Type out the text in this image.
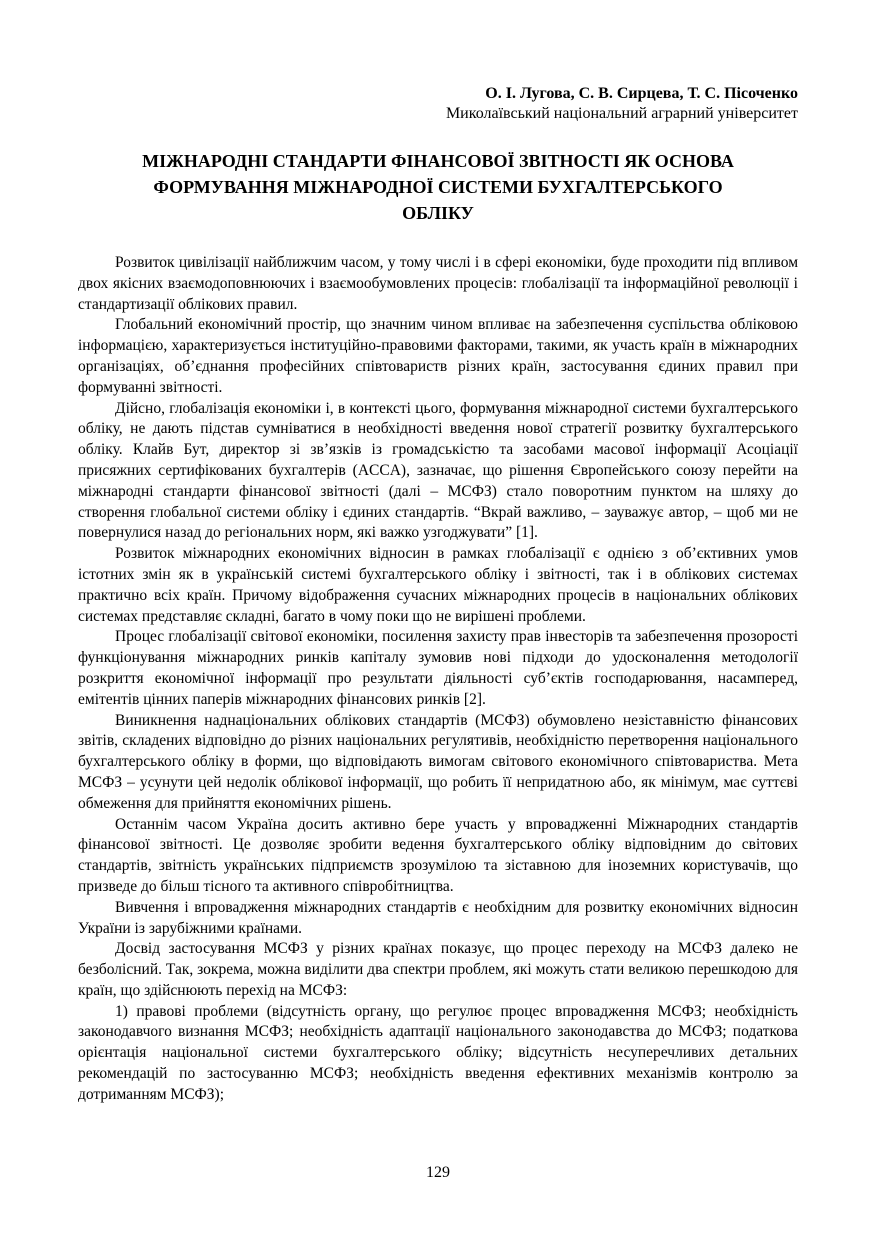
О. І. Лугова, С. В. Сирцева, Т. С. Пісоченко
Миколаївський національний аграрний університет
МІЖНАРОДНІ СТАНДАРТИ ФІНАНСОВОЇ ЗВІТНОСТІ ЯК ОСНОВА ФОРМУВАННЯ МІЖНАРОДНОЇ СИСТЕМИ БУХГАЛТЕРСЬКОГО ОБЛІКУ

Розвиток цивілізації найближчим часом, у тому числі і в сфері економіки, буде проходити під впливом двох якісних взаємодоповнюючих і взаємообумовлених процесів: глобалізації та інформаційної революції і стандартизації облікових правил.

Глобальний економічний простір, що значним чином впливає на забезпечення суспільства обліковою інформацією, характеризується інституційно-правовими факторами, такими, як участь країн в міжнародних організаціях, об’єднання професійних співтовариств різних країн, застосування єдиних правил при формуванні звітності.

Дійсно, глобалізація економіки і, в контексті цього, формування міжнародної системи бухгалтерського обліку, не дають підстав сумніватися в необхідності введення нової стратегії розвитку бухгалтерського обліку. Клайв Бут, директор зі зв’язків із громадськістю та засобами масової інформації Асоціації присяжних сертифікованих бухгалтерів (ACCA), зазначає, що рішення Європейського союзу перейти на міжнародні стандарти фінансової звітності (далі – МСФЗ) стало поворотним пунктом на шляху до створення глобальної системи обліку і єдиних стандартів. “Вкрай важливо, – зауважує автор, – щоб ми не повернулися назад до регіональних норм, які важко узгоджувати” [1].

Розвиток міжнародних економічних відносин в рамках глобалізації є однією з об’єктивних умов істотних змін як в українській системі бухгалтерського обліку і звітності, так і в облікових системах практично всіх країн. Причому відображення сучасних міжнародних процесів в національних облікових системах представляє складні, багато в чому поки що не вирішені проблеми.

Процес глобалізації світової економіки, посилення захисту прав інвесторів та забезпечення прозорості функціонування міжнародних ринків капіталу зумовив нові підходи до удосконалення методології розкриття економічної інформації про результати діяльності суб’єктів господарювання, насамперед, емітентів цінних паперів міжнародних фінансових ринків [2].

Виникнення наднаціональних облікових стандартів (МСФЗ) обумовлено незіставністю фінансових звітів, складених відповідно до різних національних регулятивів, необхідністю перетворення національного бухгалтерського обліку в форми, що відповідають вимогам світового економічного співтовариства. Мета МСФЗ – усунути цей недолік облікової інформації, що робить її непридатною або, як мінімум, має суттєві обмеження для прийняття економічних рішень.

Останнім часом Україна досить активно бере участь у впровадженні Міжнародних стандартів фінансової звітності. Це дозволяє зробити ведення бухгалтерського обліку відповідним до світових стандартів, звітність українських підприємств зрозумілою та зіставною для іноземних користувачів, що призведе до більш тісного та активного співробітництва.

Вивчення і впровадження міжнародних стандартів є необхідним для розвитку економічних відносин України із зарубіжними країнами.

Досвід застосування МСФЗ у різних країнах показує, що процес переходу на МСФЗ далеко не безболісний. Так, зокрема, можна виділити два спектри проблем, які можуть стати великою перешкодою для країн, що здійснюють перехід на МСФЗ:

1) правові проблеми (відсутність органу, що регулює процес впровадження МСФЗ; необхідність законодавчого визнання МСФЗ; необхідність адаптації національного законодавства до МСФЗ; податкова орієнтація національної системи бухгалтерського обліку; відсутність несуперечливих детальних рекомендацій по застосуванню МСФЗ; необхідність введення ефективних механізмів контролю за дотриманням МСФЗ);

129
